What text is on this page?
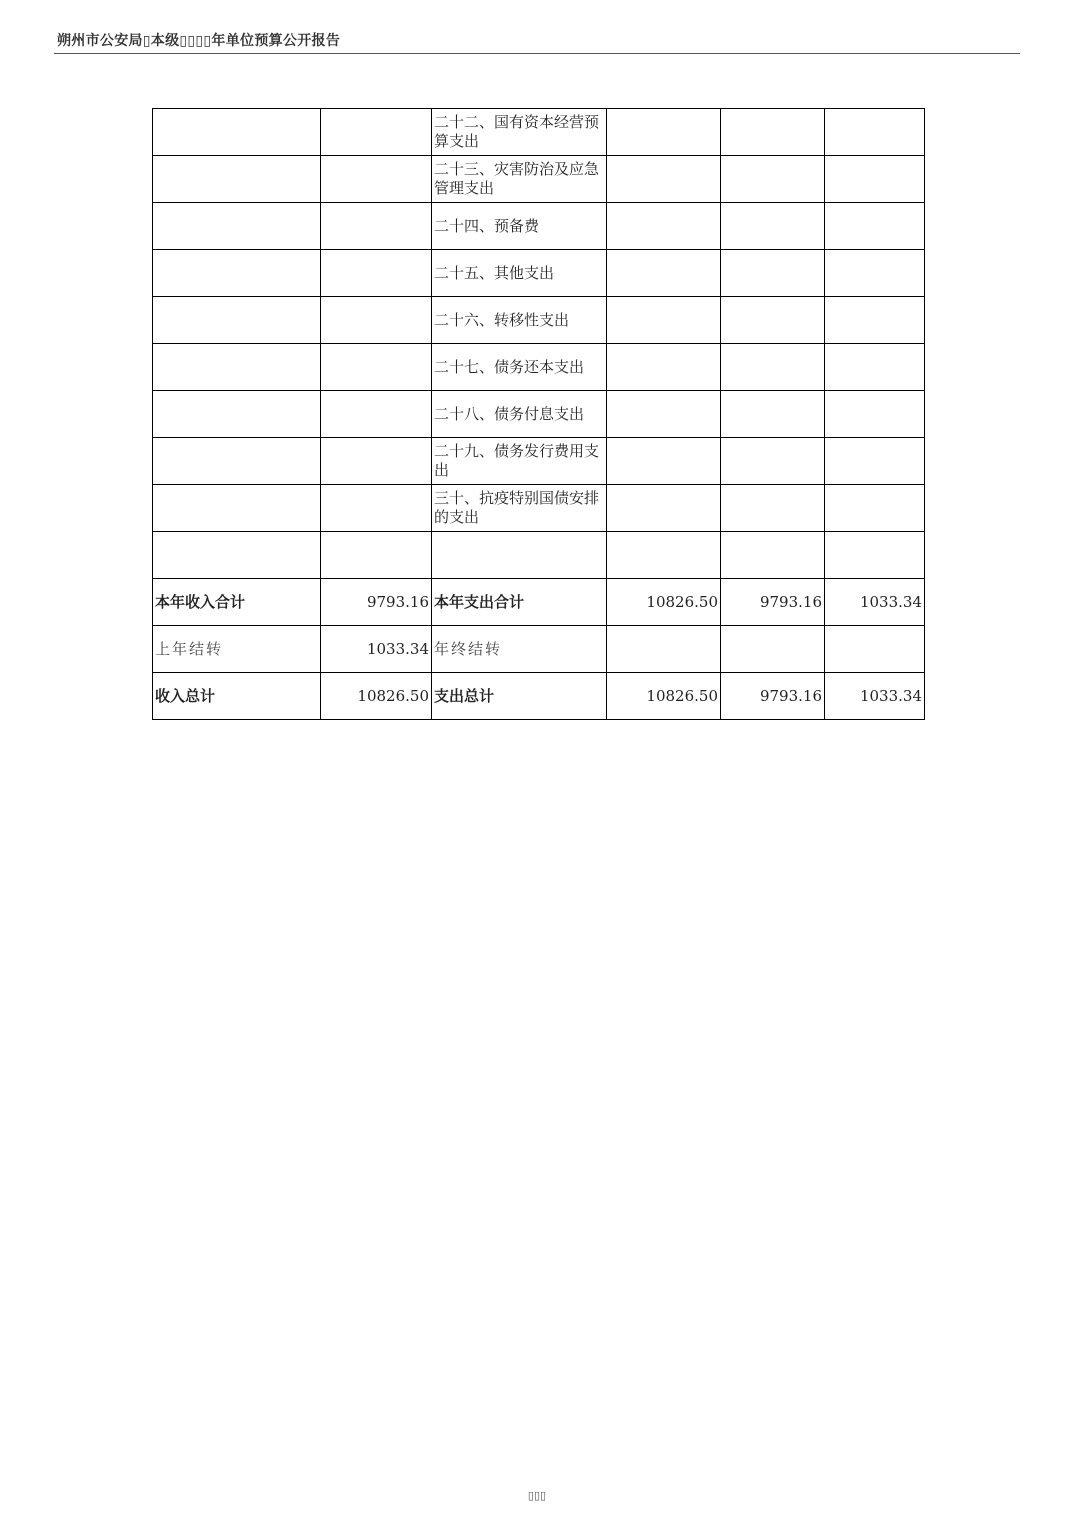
朔州市公安局▯本级▯▯▯▯年单位预算公开报告
		二十二、国有资本经营预算支出			
		二十三、灾害防治及应急管理支出			
		二十四、预备费			
		二十五、其他支出			
		二十六、转移性支出			
		二十七、债务还本支出			
		二十八、债务付息支出			
		二十九、债务发行费用支出			
		三十、抗疫特别国债安排的支出			

本年收入合计	9793.16	本年支出合计	10826.50	9793.16	1033.34
上年结转	1033.34	年终结转			
收入总计	10826.50	支出总计	10826.50	9793.16	1033.34
▯▯▯
